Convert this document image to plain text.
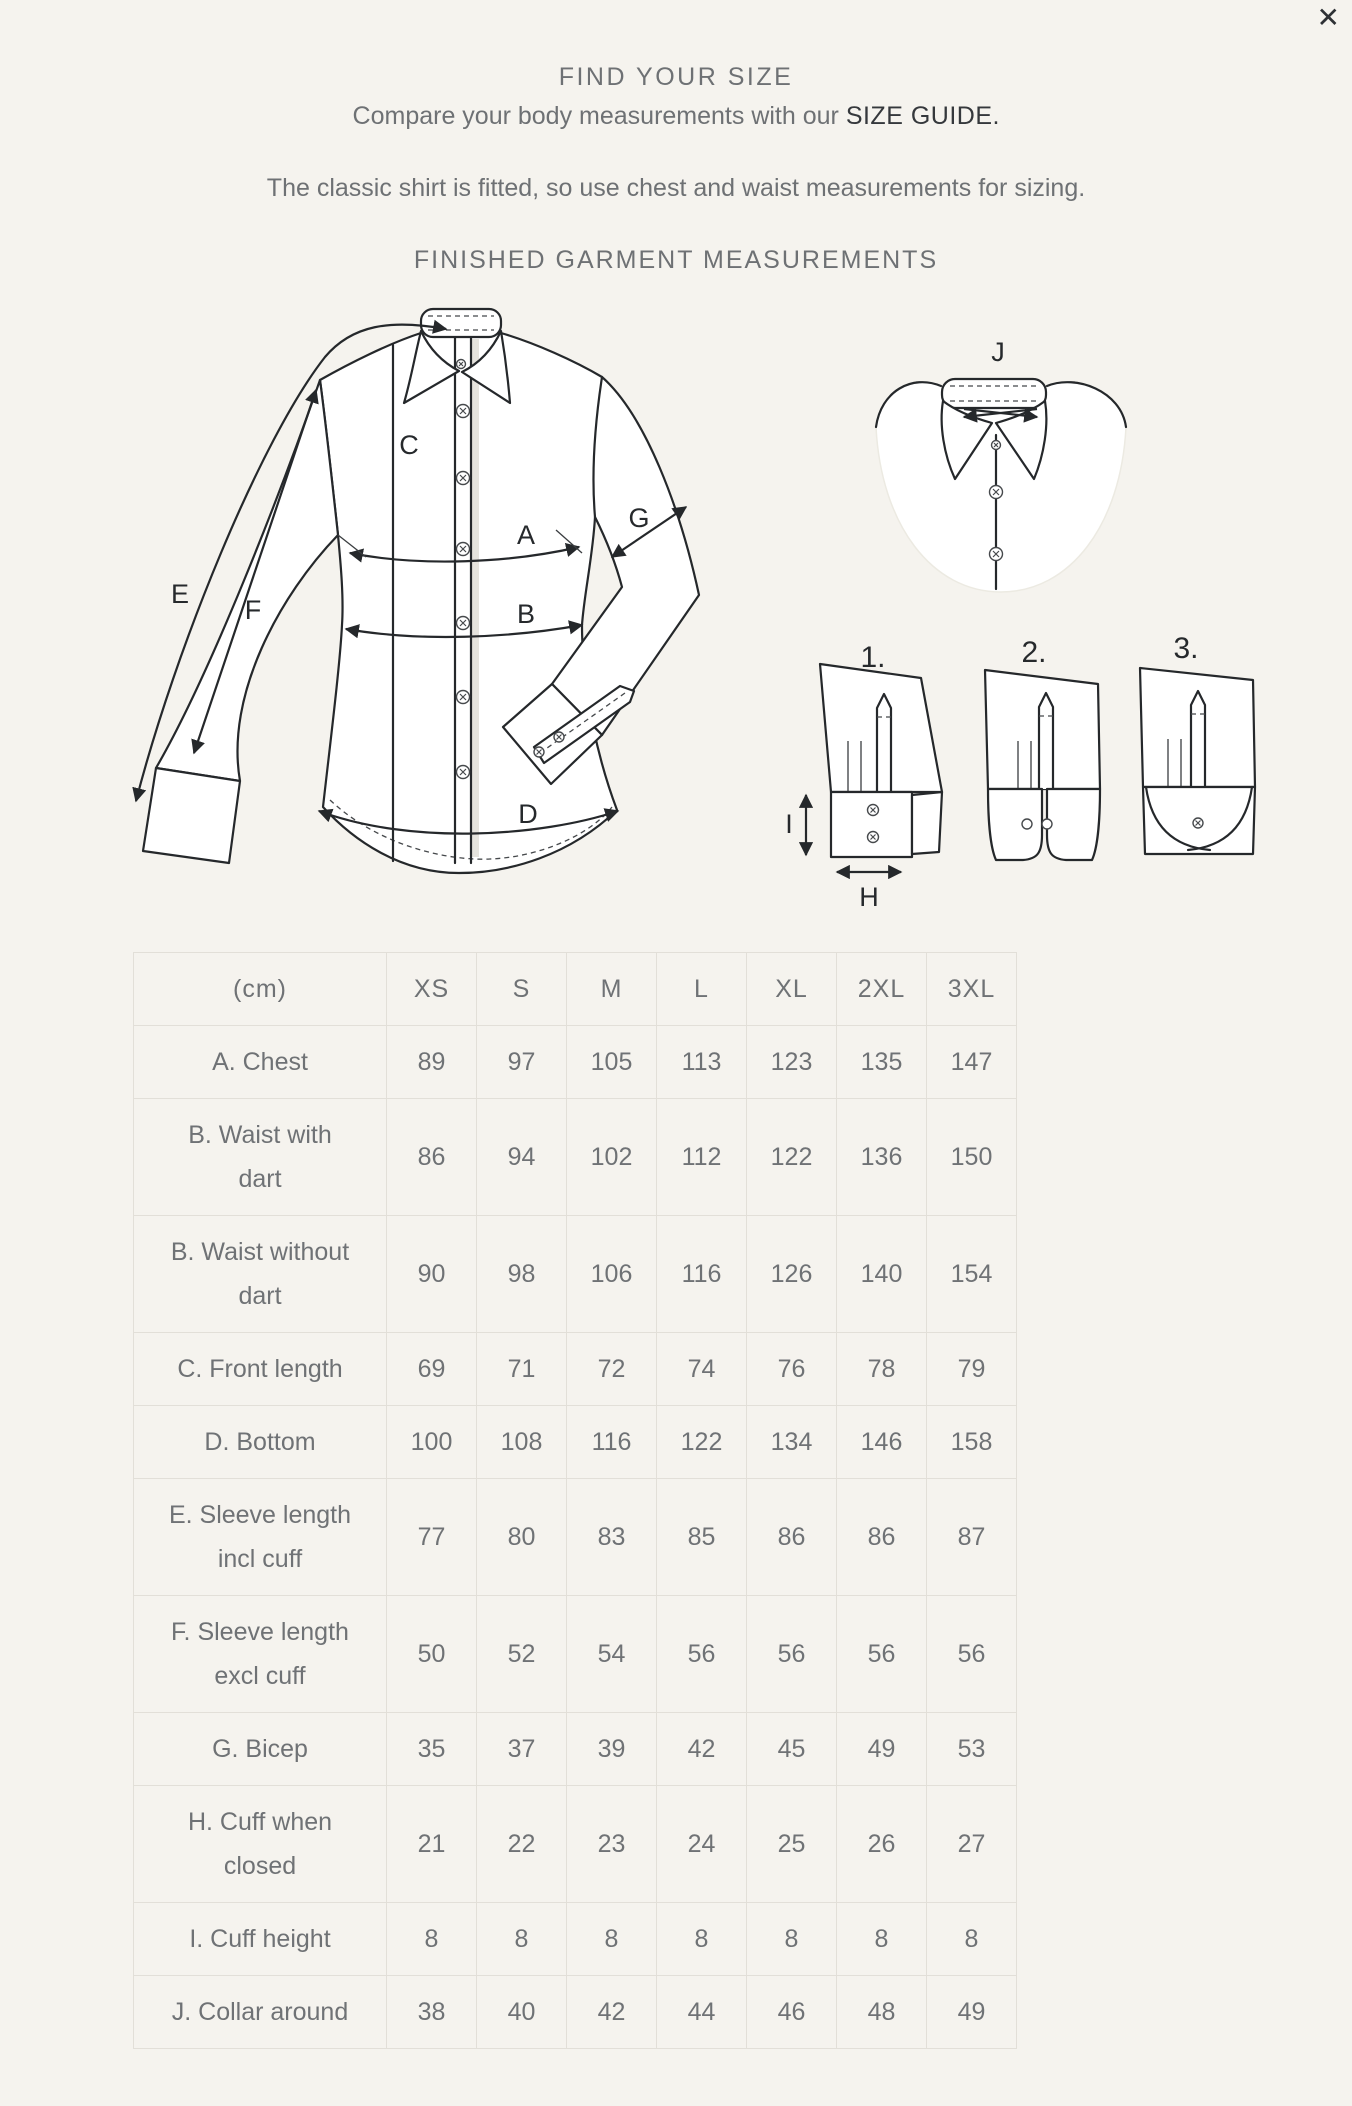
✕
FIND YOUR SIZE
Compare your body measurements with our SIZE GUIDE.
The classic shirt is fitted, so use chest and waist measurements for sizing.
FINISHED GARMENT MEASUREMENTS
A
B
C
D
E
F
G
J
I
H
1.	2.	3.
(cm)	XS	S	M	L	XL	2XL	3XL

A. Chest	89	97	105	113	123	135	147

B. Waist with dart	86	94	102	112	122	136	150

B. Waist without dart	90	98	106	116	126	140	154

C. Front length	69	71	72	74	76	78	79

D. Bottom	100	108	116	122	134	146	158

E. Sleeve length incl cuff	77	80	83	85	86	86	87

F. Sleeve length excl cuff	50	52	54	56	56	56	56

G. Bicep	35	37	39	42	45	49	53

H. Cuff when closed	21	22	23	24	25	26	27

I. Cuff height	8	8	8	8	8	8	8

J. Collar around	38	40	42	44	46	48	49
